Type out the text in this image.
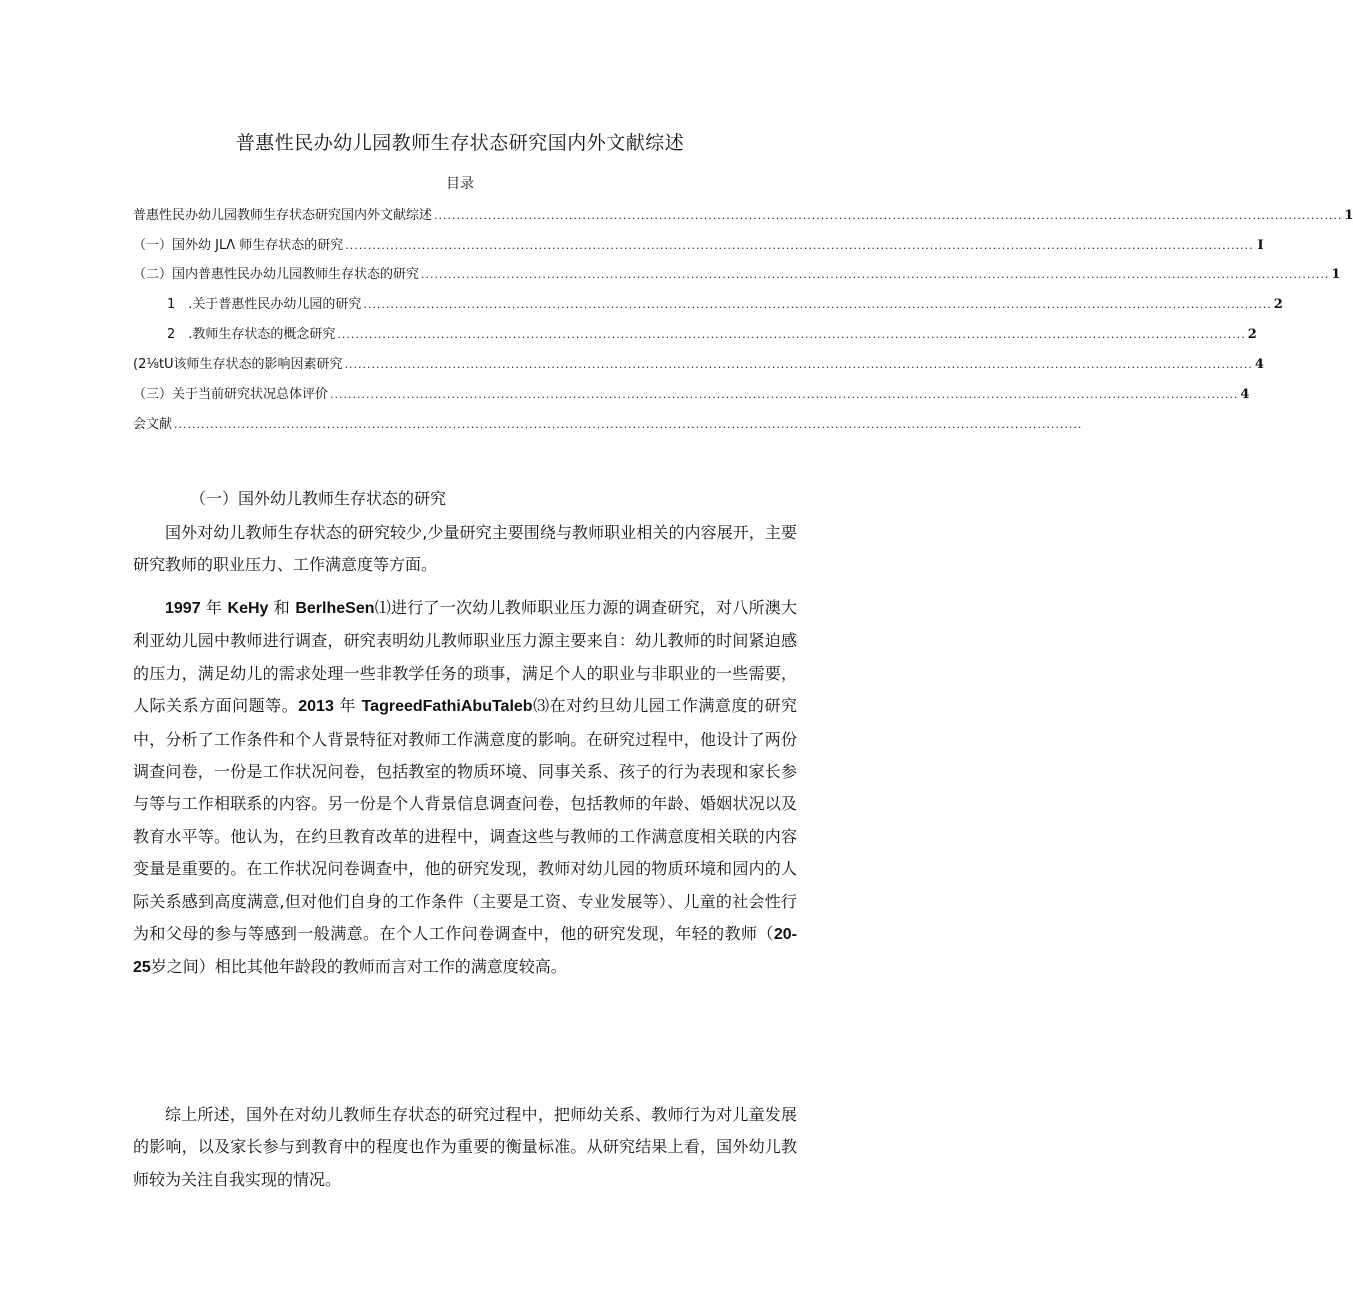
普惠性民办幼儿园教师生存状态研究国内外文献综述
目录
普惠性民办幼儿园教师生存状态研究国内外文献综述 .......................................................................................................................................................................................................... 1
（一）国外幼 JLΛ 师生存状态的研究 .......................................................................................................................................................................................................... I
（二）国内普惠性民办幼儿园教师生存状态的研究 .......................................................................................................................................................................................................... 1
1　.关于普惠性民办幼儿园的研究 .......................................................................................................................................................................................................... 2
2　.教师生存状态的概念研究 .......................................................................................................................................................................................................... 2
(2⅛tU该师生存状态的影响因素研究 .......................................................................................................................................................................................................... 4
（三）关于当前研究状况总体评价 .......................................................................................................................................................................................................... 4
会文献 ..........................................................................................................................................................................................................
（一）国外幼儿教师生存状态的研究

国外对幼儿教师生存状态的研究较少,少量研究主要围绕与教师职业相关的内容展开，主要研究教师的职业压力、工作满意度等方面。

1997 年 KeHy 和 BerlheSen⑴进行了一次幼儿教师职业压力源的调查研究，对八所澳大利亚幼儿园中教师进行调查，研究表明幼儿教师职业压力源主要来自：幼儿教师的时间紧迫感的压力，满足幼儿的需求处理一些非教学任务的琐事，满足个人的职业与非职业的一些需要，人际关系方面问题等。2013 年 TagreedFathiAbuTaleb⑶在对约旦幼儿园工作满意度的研究中，分析了工作条件和个人背景特征对教师工作满意度的影响。在研究过程中，他设计了两份调查问卷，一份是工作状况问卷，包括教室的物质环境、同事关系、孩子的行为表现和家长参与等与工作相联系的内容。另一份是个人背景信息调查问卷，包括教师的年龄、婚姻状况以及教育水平等。他认为，在约旦教育改革的进程中，调查这些与教师的工作满意度相关联的内容变量是重要的。在工作状况问卷调查中，他的研究发现，教师对幼儿园的物质环境和园内的人际关系感到高度满意,但对他们自身的工作条件（主要是工资、专业发展等）、儿童的社会性行为和父母的参与等感到一般满意。在个人工作问卷调查中，他的研究发现，年轻的教师（20-25岁之间）相比其他年龄段的教师而言对工作的满意度较高。

综上所述，国外在对幼儿教师生存状态的研究过程中，把师幼关系、教师行为对儿童发展的影响，以及家长参与到教育中的程度也作为重要的衡量标准。从研究结果上看，国外幼儿教师较为关注自我实现的情况。
